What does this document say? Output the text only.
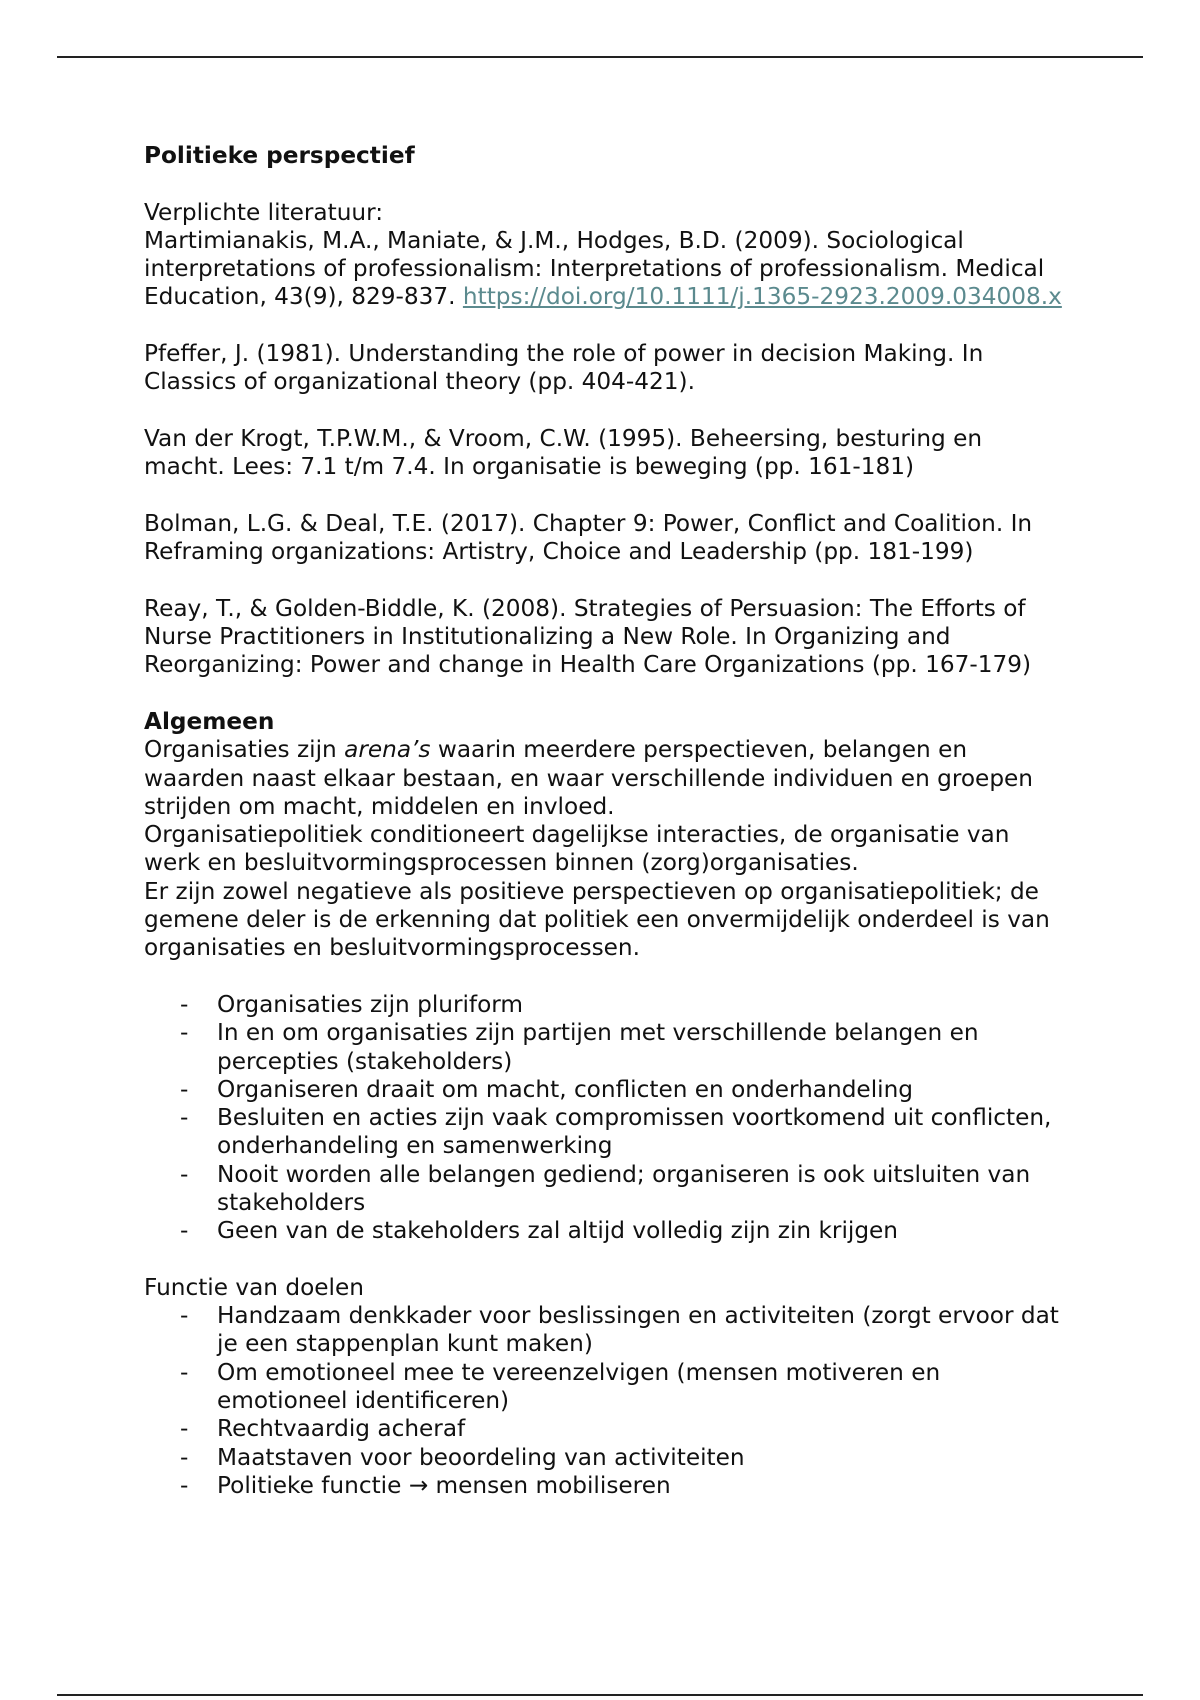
Politieke perspectief

Verplichte literatuur:

Martimianakis, M.A., Maniate, & J.M., Hodges, B.D. (2009). Sociological interpretations of professionalism: Interpretations of professionalism. Medical Education, 43(9), 829-837. https://doi.org/10.1111/j.1365-2923.2009.034008.x

Pfeffer, J. (1981). Understanding the role of power in decision Making. In Classics of organizational theory (pp. 404-421).

Van der Krogt, T.P.W.M., & Vroom, C.W. (1995). Beheersing, besturing en macht. Lees: 7.1 t/m 7.4. In organisatie is beweging (pp. 161-181)

Bolman, L.G. & Deal, T.E. (2017). Chapter 9: Power, Conflict and Coalition. In Reframing organizations: Artistry, Choice and Leadership (pp. 181-199)

Reay, T., & Golden-Biddle, K. (2008). Strategies of Persuasion: The Efforts of Nurse Practitioners in Institutionalizing a New Role. In Organizing and Reorganizing: Power and change in Health Care Organizations (pp. 167-179)

Algemeen

Organisaties zijn arena’s waarin meerdere perspectieven, belangen en waarden naast elkaar bestaan, en waar verschillende individuen en groepen strijden om macht, middelen en invloed.

Organisatiepolitiek conditioneert dagelijkse interacties, de organisatie van werk en besluitvormingsprocessen binnen (zorg)organisaties.

Er zijn zowel negatieve als positieve perspectieven op organisatiepolitiek; de gemene deler is de erkenning dat politiek een onvermijdelijk onderdeel is van organisaties en besluitvormingsprocessen.

- Organisaties zijn pluriform
- In en om organisaties zijn partijen met verschillende belangen en percepties (stakeholders)
- Organiseren draait om macht, conflicten en onderhandeling
- Besluiten en acties zijn vaak compromissen voortkomend uit conflicten, onderhandeling en samenwerking
- Nooit worden alle belangen gediend; organiseren is ook uitsluiten van stakeholders
- Geen van de stakeholders zal altijd volledig zijn zin krijgen

Functie van doelen

- Handzaam denkkader voor beslissingen en activiteiten (zorgt ervoor dat je een stappenplan kunt maken)
- Om emotioneel mee te vereenzelvigen (mensen motiveren en emotioneel identificeren)
- Rechtvaardig acheraf
- Maatstaven voor beoordeling van activiteiten
- Politieke functie → mensen mobiliseren
